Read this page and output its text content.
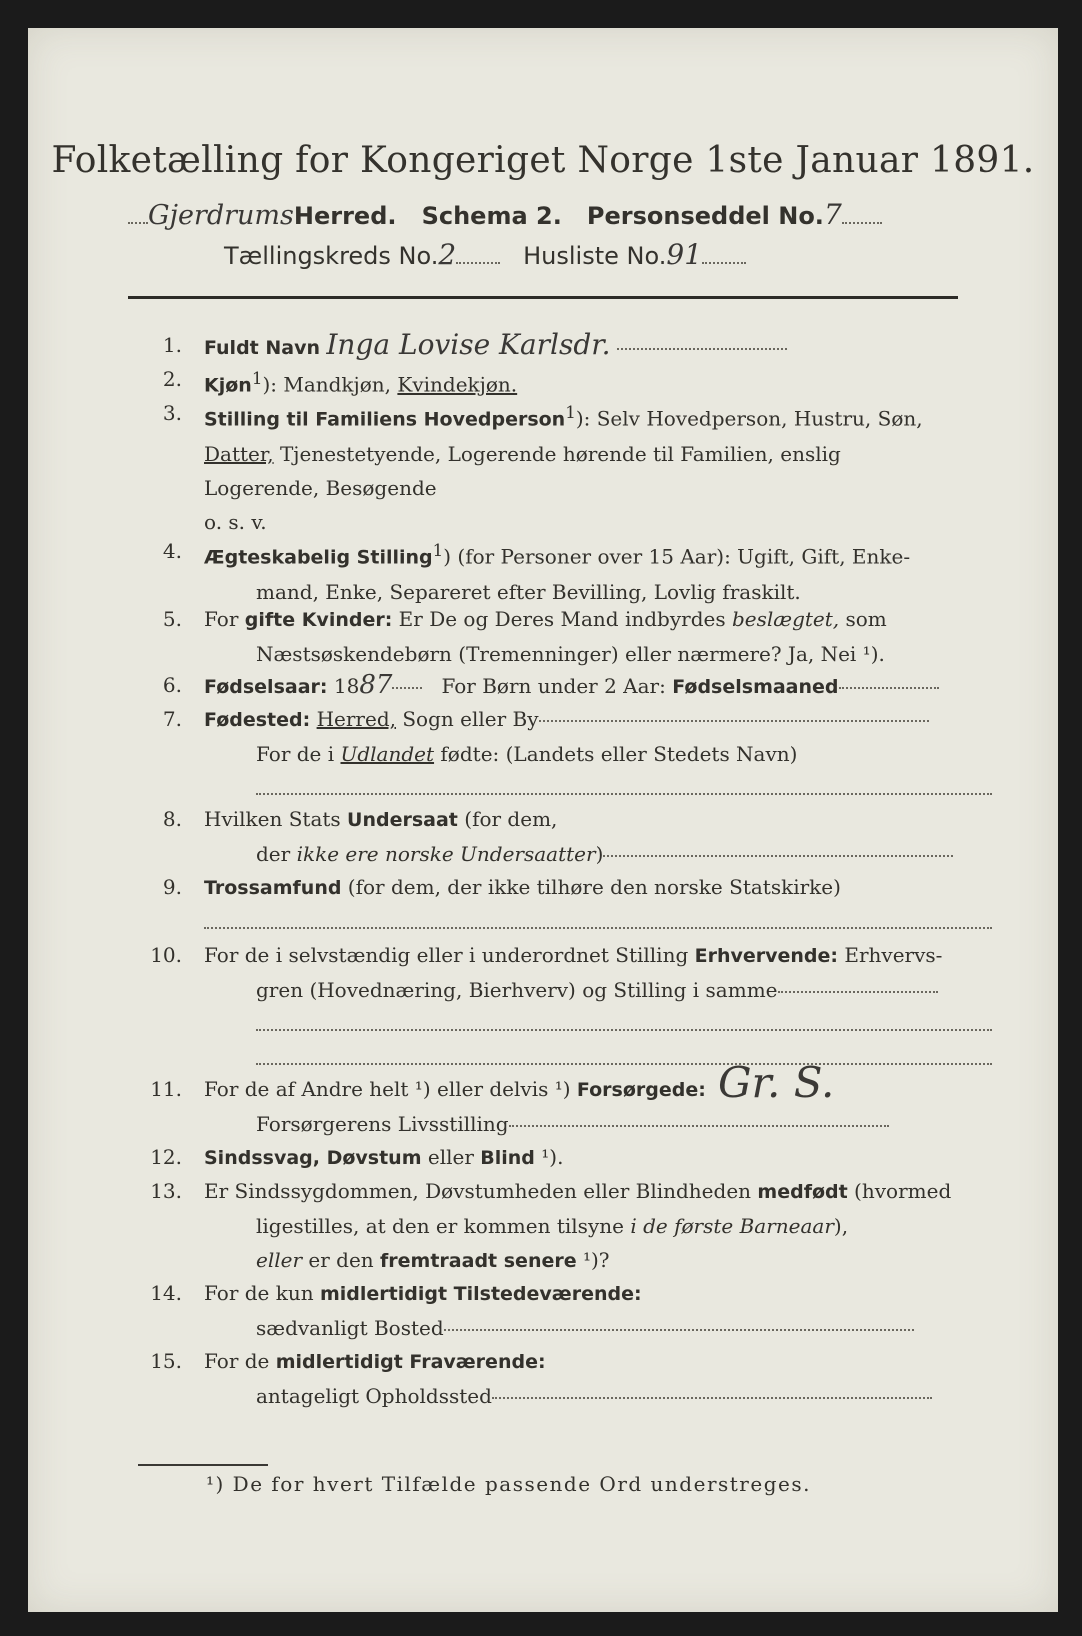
Folketælling for Kongeriget Norge 1ste Januar 1891.
GjerdrumsHerred. Schema 2. Personseddel No.7
Tællingskreds No.2	Husliste No.91
1. Fuldt Navn Inga Lovise Karlsdr.
2. Kjøn$^1$): Mandkjøn, Kvindekjøn.
3. Stilling til Familiens Hovedperson$^1$): Selv Hovedperson, Hustru, Søn,
Datter, Tjenestetyende, Logerende hørende til Familien, enslig
Logerende, Besøgende
o. s. v.
4. Ægteskabelig Stilling$^1$) (for Personer over 15 Aar): Ugift, Gift, Enke-
mand, Enke, Separeret efter Bevilling, Lovlig fraskilt.
5. For gifte Kvinder: Er De og Deres Mand indbyrdes beslægtet, som
Næstsøskendebørn (Tremenninger) eller nærmere? Ja, Nei ¹).
6. Fødselsaar: 1887 For Børn under 2 Aar: Fødselsmaaned
7. Fødested: Herred, Sogn eller By
For de i Udlandet fødte: (Landets eller Stedets Navn)
8. Hvilken Stats Undersaat (for dem,
der ikke ere norske Undersaatter)
9. Trossamfund (for dem, der ikke tilhøre den norske Statskirke)
10. For de i selvstændig eller i underordnet Stilling Erhvervende: Erhvervs-
gren (Hovednæring, Bierhverv) og Stilling i samme
11. For de af Andre helt ¹) eller delvis ¹) Forsørgede:
Forsørgerens Livsstilling
Gr. S.
12. Sindssvag, Døvstum eller Blind ¹).
13. Er Sindssygdommen, Døvstumheden eller Blindheden medfødt (hvormed
ligestilles, at den er kommen tilsyne i de første Barneaar),
eller er den fremtraadt senere ¹)?
14. For de kun midlertidigt Tilstedeværende:
sædvanligt Bosted
15. For de midlertidigt Fraværende:
antageligt Opholdssted
¹) De for hvert Tilfælde passende Ord understreges.
